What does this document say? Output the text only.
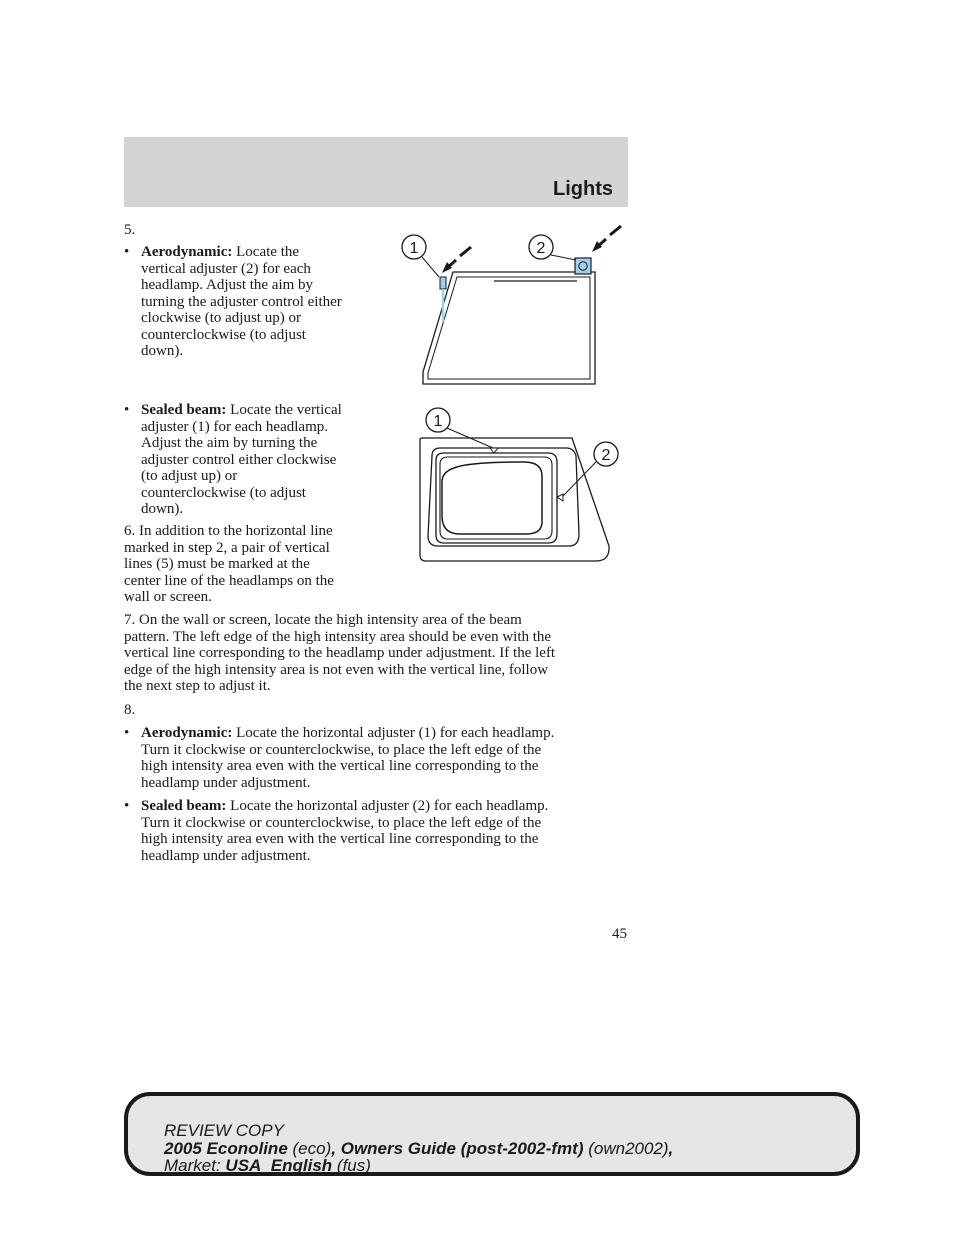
Lights
5.
• Aerodynamic: Locate the
vertical adjuster (2) for each
headlamp. Adjust the aim by
turning the adjuster control either
clockwise (to adjust up) or
counterclockwise (to adjust
down).
• Sealed beam: Locate the vertical
adjuster (1) for each headlamp.
Adjust the aim by turning the
adjuster control either clockwise
(to adjust up) or
counterclockwise (to adjust
down).
6. In addition to the horizontal line
marked in step 2, a pair of vertical
lines (5) must be marked at the
center line of the headlamps on the
wall or screen.
7. On the wall or screen, locate the high intensity area of the beam
pattern. The left edge of the high intensity area should be even with the
vertical line corresponding to the headlamp under adjustment. If the left
edge of the high intensity area is not even with the vertical line, follow
the next step to adjust it.
8.
• Aerodynamic: Locate the horizontal adjuster (1) for each headlamp.
Turn it clockwise or counterclockwise, to place the left edge of the
high intensity area even with the vertical line corresponding to the
headlamp under adjustment.
• Sealed beam: Locate the horizontal adjuster (2) for each headlamp.
Turn it clockwise or counterclockwise, to place the left edge of the
high intensity area even with the vertical line corresponding to the
headlamp under adjustment.
1	2
1
2
45
REVIEW COPY
2005 Econoline (eco), Owners Guide (post-2002-fmt) (own2002),
Market: USA_English (fus)
